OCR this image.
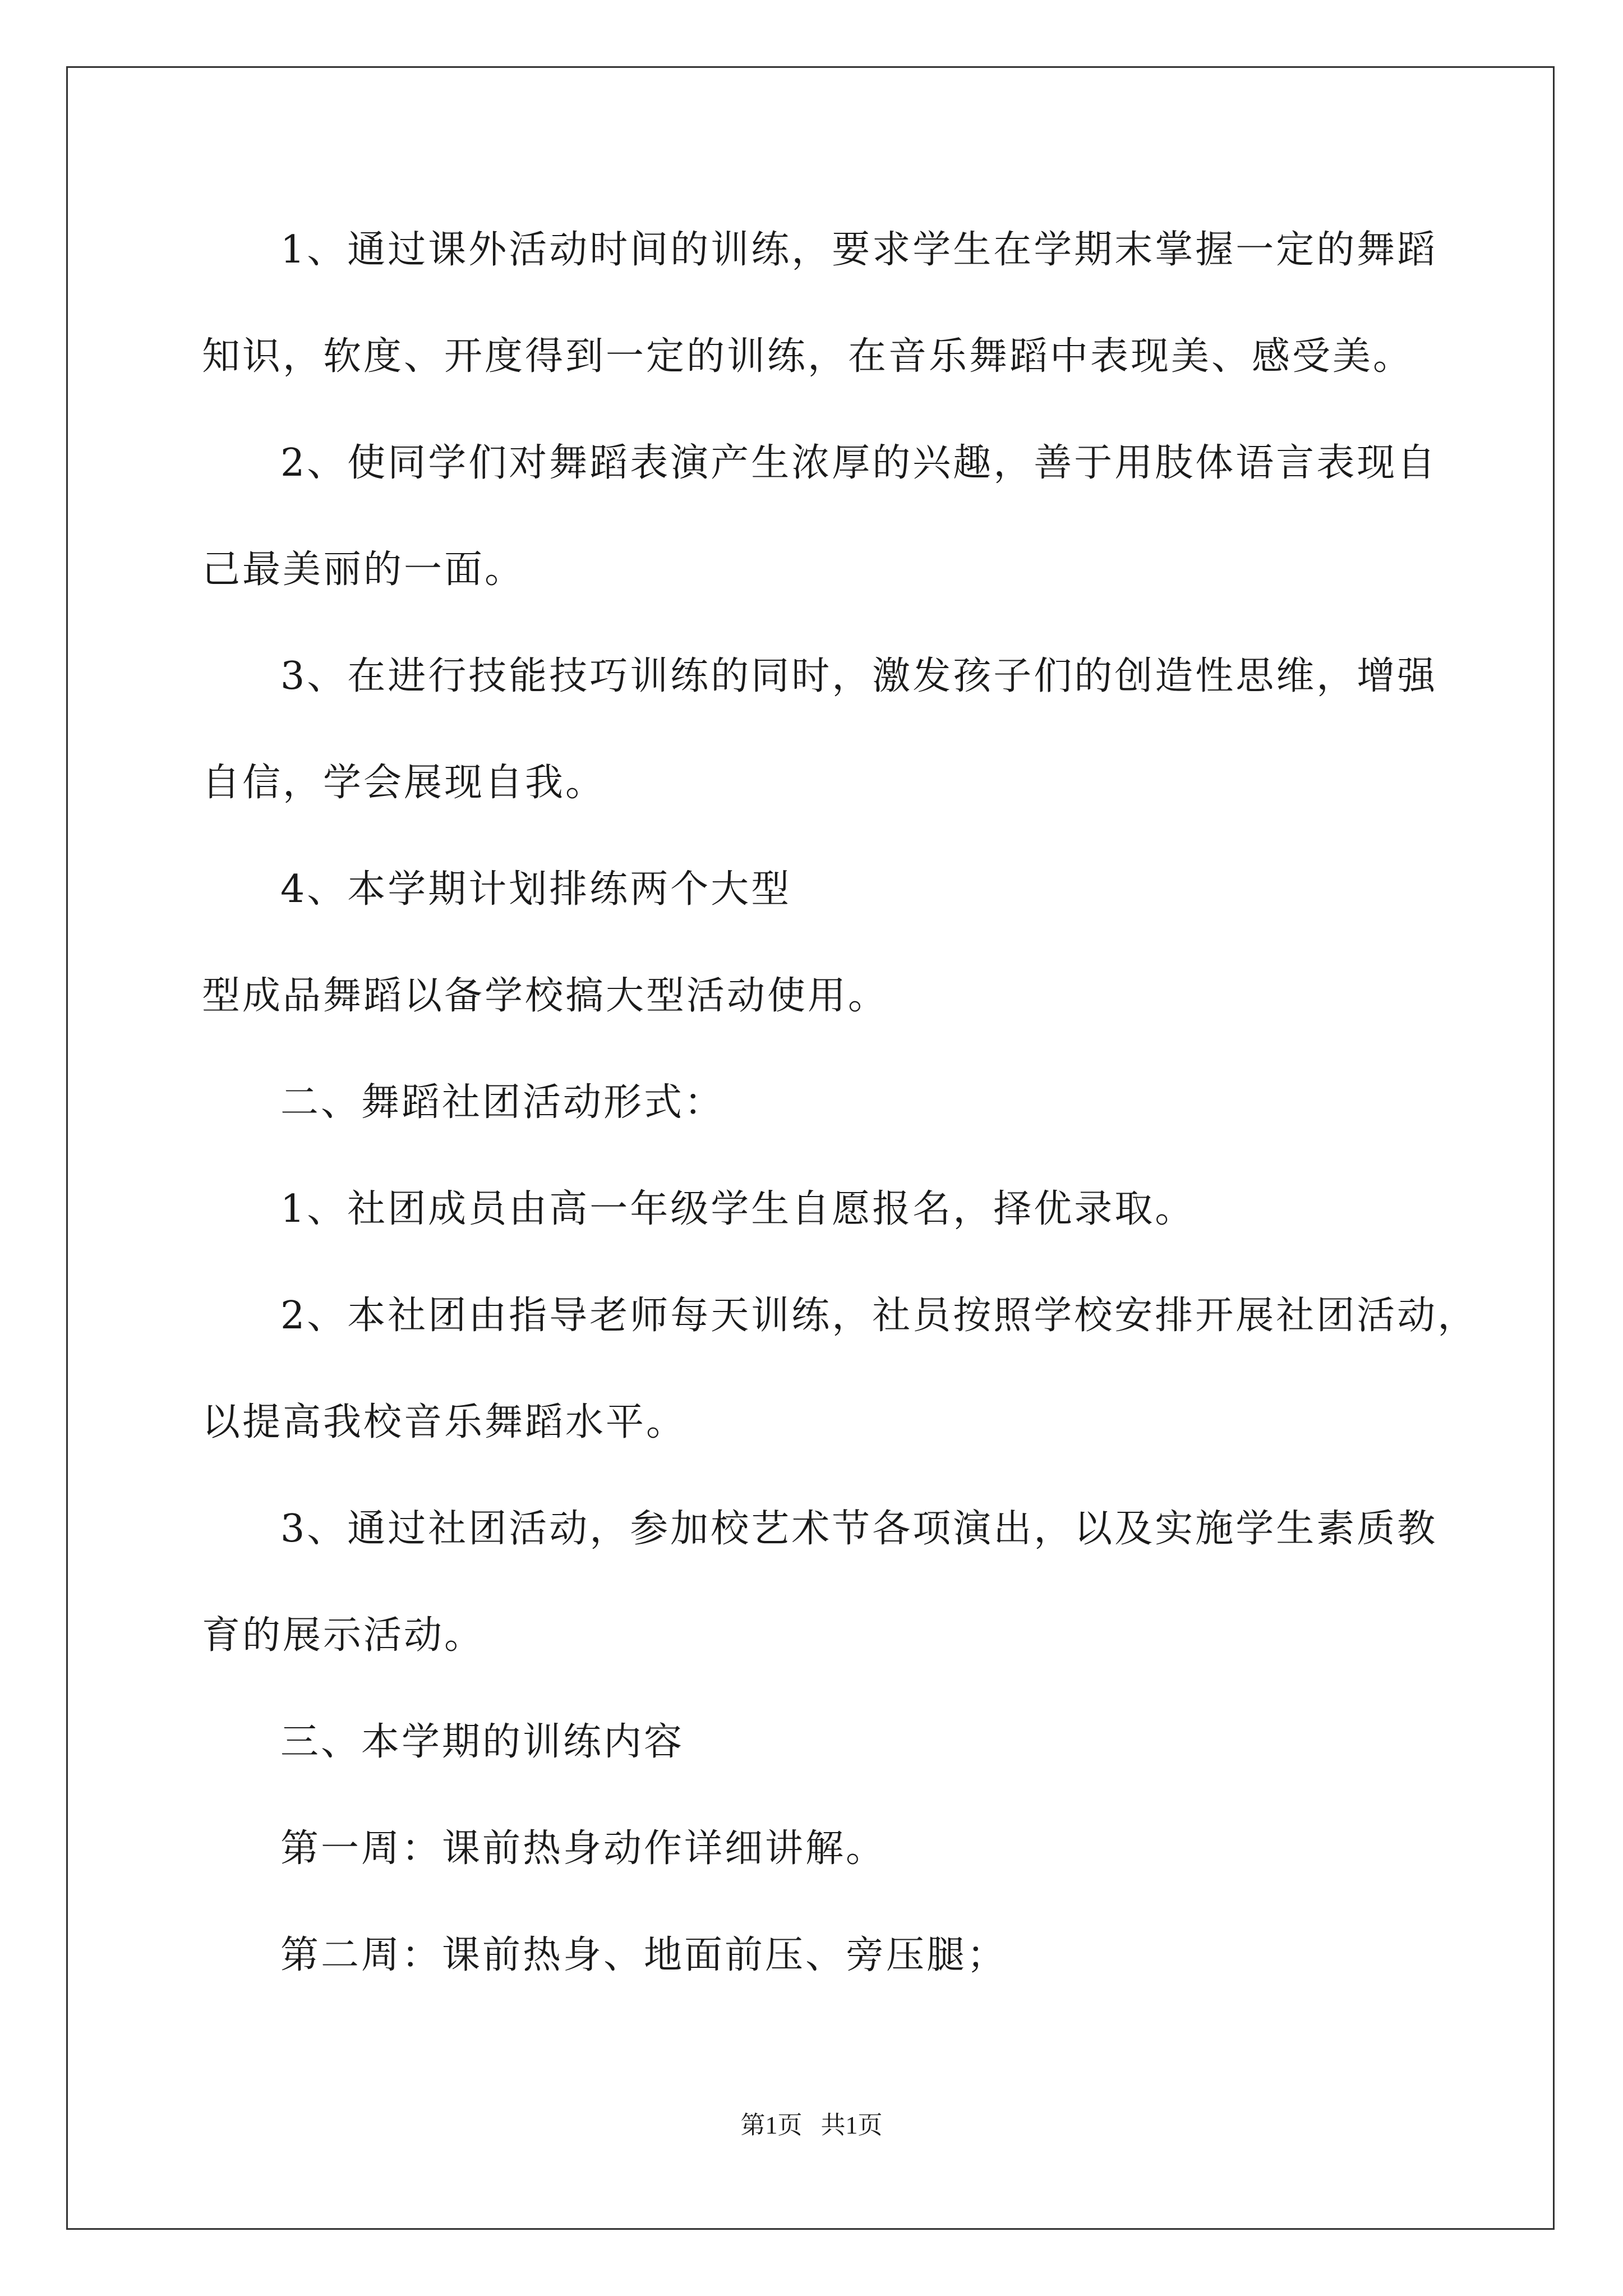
1、通过课外活动时间的训练，要求学生在学期末掌握一定的舞蹈
知识，软度、开度得到一定的训练，在音乐舞蹈中表现美、感受美。
2、使同学们对舞蹈表演产生浓厚的兴趣，善于用肢体语言表现自
己最美丽的一面。
3、在进行技能技巧训练的同时，激发孩子们的创造性思维，增强
自信，学会展现自我。
4、本学期计划排练两个大型
型成品舞蹈以备学校搞大型活动使用。
二、舞蹈社团活动形式：
1、社团成员由高一年级学生自愿报名，择优录取。
2、本社团由指导老师每天训练，社员按照学校安排开展社团活动，
以提高我校音乐舞蹈水平。
3、通过社团活动，参加校艺术节各项演出，以及实施学生素质教
育的展示活动。
三、本学期的训练内容
第一周：课前热身动作详细讲解。
第二周：课前热身、地面前压、旁压腿；
第1页   共1页
